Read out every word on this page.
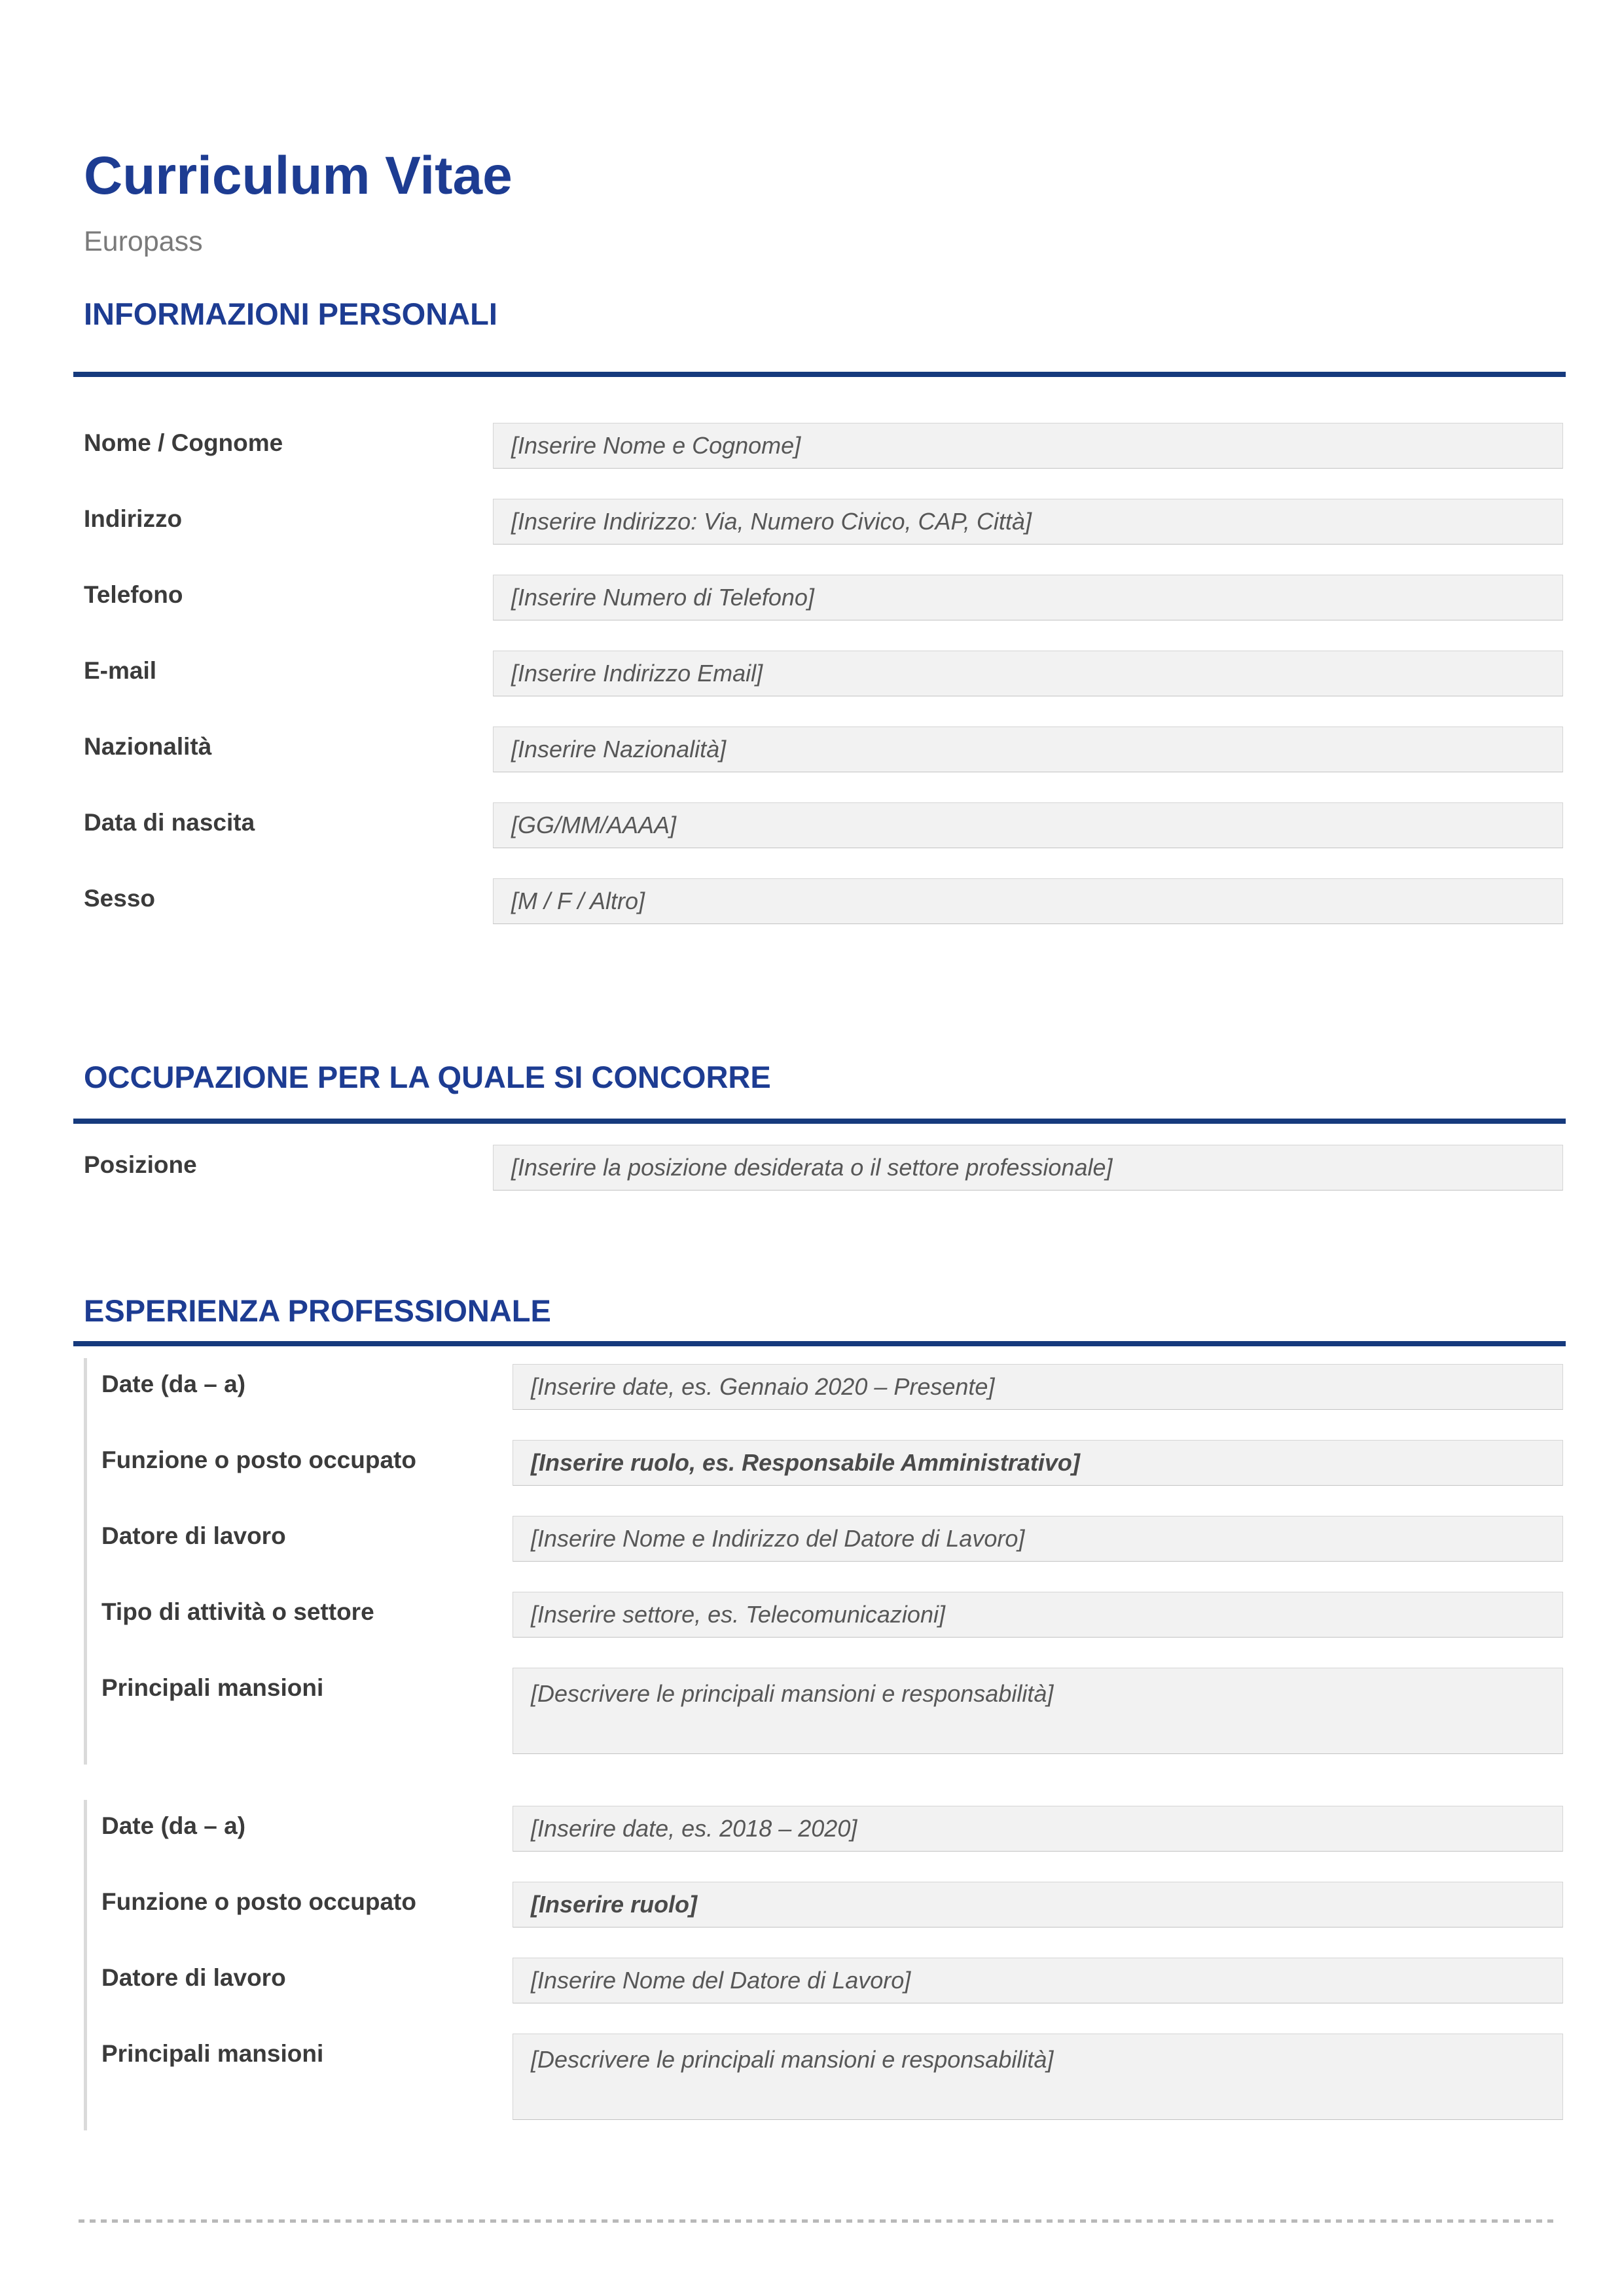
Curriculum Vitae
Europass
INFORMAZIONI PERSONALI
Nome / Cognome	[Inserire Nome e Cognome]
Indirizzo	[Inserire Indirizzo: Via, Numero Civico, CAP, Città]
Telefono	[Inserire Numero di Telefono]
E-mail	[Inserire Indirizzo Email]
Nazionalità	[Inserire Nazionalità]
Data di nascita	[GG/MM/AAAA]
Sesso	[M / F / Altro]
OCCUPAZIONE PER LA QUALE SI CONCORRE
Posizione	[Inserire la posizione desiderata o il settore professionale]
ESPERIENZA PROFESSIONALE
Date (da – a)	[Inserire date, es. Gennaio 2020 – Presente]
Funzione o posto occupato	[Inserire ruolo, es. Responsabile Amministrativo]
Datore di lavoro	[Inserire Nome e Indirizzo del Datore di Lavoro]
Tipo di attività o settore	[Inserire settore, es. Telecomunicazioni]
Principali mansioni	[Descrivere le principali mansioni e responsabilità]
Date (da – a)	[Inserire date, es. 2018 – 2020]
Funzione o posto occupato	[Inserire ruolo]
Datore di lavoro	[Inserire Nome del Datore di Lavoro]
Principali mansioni	[Descrivere le principali mansioni e responsabilità]
